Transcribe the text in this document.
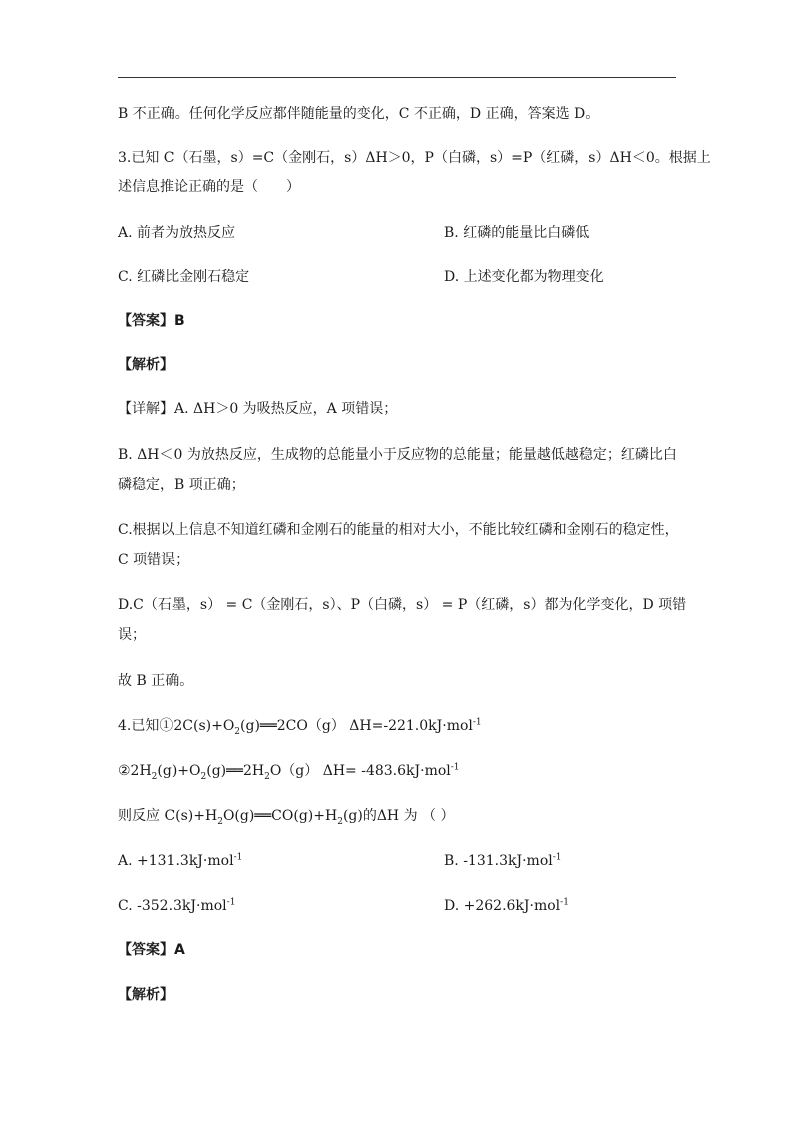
B 不正确。任何化学反应都伴随能量的变化，C 不正确，D 正确，答案选 D。
3.已知 C（石墨，s）=C（金刚石，s）ΔH＞0，P（白磷，s）=P（红磷，s）ΔH＜0。根据上
述信息推论正确的是（　　）
A. 前者为放热反应	B. 红磷的能量比白磷低
C. 红磷比金刚石稳定	D. 上述变化都为物理变化
【答案】B
【解析】
【详解】A. ΔH＞0 为吸热反应，A 项错误；
B. ΔH＜0 为放热反应，生成物的总能量小于反应物的总能量；能量越低越稳定；红磷比白
磷稳定，B 项正确；
C.根据以上信息不知道红磷和金刚石的能量的相对大小，不能比较红磷和金刚石的稳定性，
C 项错误；
D.C（石墨，s） = C（金刚石，s）、P（白磷，s） = P（红磷，s）都为化学变化，D 项错
误；
故 B 正确。
4.已知$①2C(s)+O_2(g)══2CO(g)$ ΔH=-221.0kJ·mol$^{-1}$
$②2H_2(g)+O_2(g)══2H_2O(g)$ ΔH= -483.6kJ·mol$^{-1}$
则反应 $C(s)+H_2O(g)══CO(g)+H_2(g)$的ΔH 为 （ ）
A. +131.3kJ·mol$^{-1}$	B. -131.3kJ·mol$^{-1}$
C. -352.3kJ·mol$^{-1}$	D. +262.6kJ·mol$^{-1}$
【答案】A
【解析】
